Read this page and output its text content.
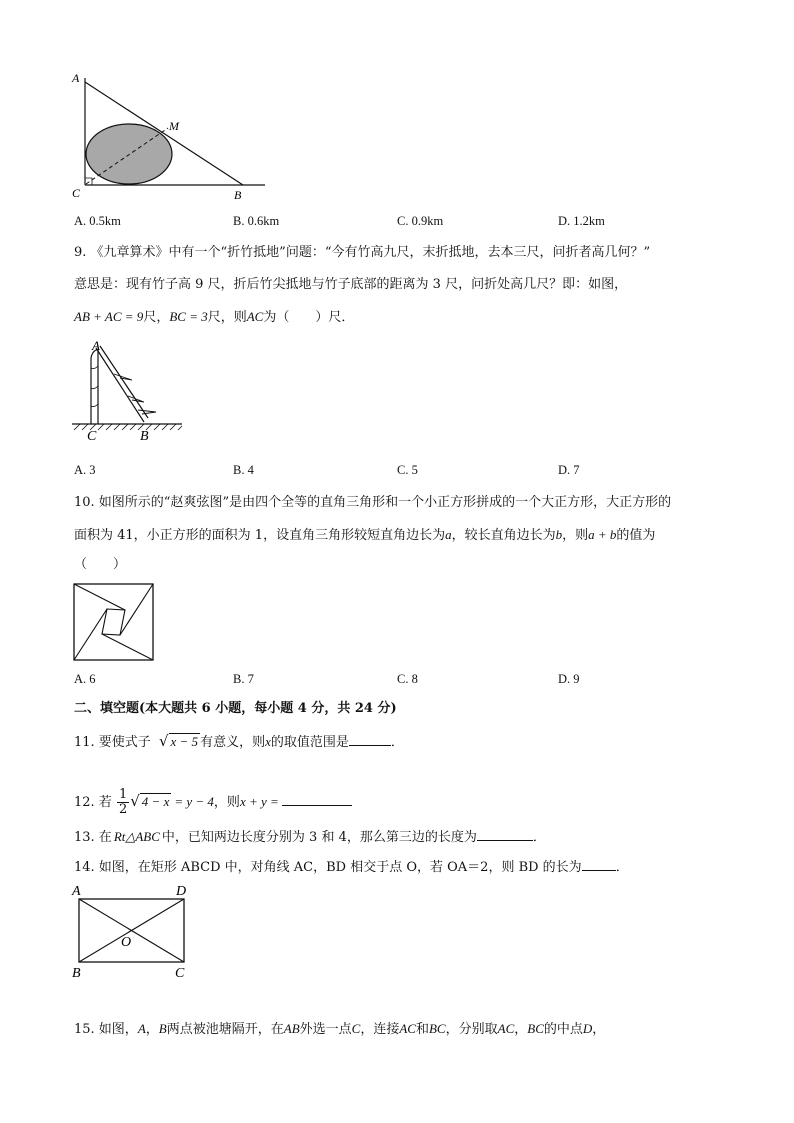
A
M
C	B
A. 0.5km	B. 0.6km	C. 0.9km	D. 1.2km
9. 《九章算术》中有一个“折竹抵地”问题：“今有竹高九尺，末折抵地，去本三尺，问折者高几何？”
意思是：现有竹子高 9 尺，折后竹尖抵地与竹子底部的距离为 3 尺，问折处高几尺？即：如图，
AB + AC = 9尺，BC = 3尺，则AC为（　　）尺．
A
C	B
A. 3	B. 4	C. 5	D. 7
10. 如图所示的“赵爽弦图”是由四个全等的直角三角形和一个小正方形拼成的一个大正方形，大正方形的
面积为 41，小正方形的面积为 1，设直角三角形较短直角边长为a，较长直角边长为b，则a + b的值为
（　　）
A. 6	B. 7	C. 8	D. 9
二、填空题(本大题共 6 小题，每小题 4 分，共 24 分)
11. 要使式子 √ x − 5 有意义，则x的取值范围是	．
12. 若 $\frac{1}{2}$ √ 4 − x = y − 4，则x + y =
13. 在 Rt△ABC 中，已知两边长度分别为 3 和 4，那么第三边的长度为	．
14. 如图，在矩形 ABCD 中，对角线 AC，BD 相交于点 O，若 OA＝2，则 BD 的长为	．
A	D
O
B	C
15. 如图，A，B两点被池塘隔开，在AB外选一点C，连接AC和BC，分别取AC，BC的中点D，
